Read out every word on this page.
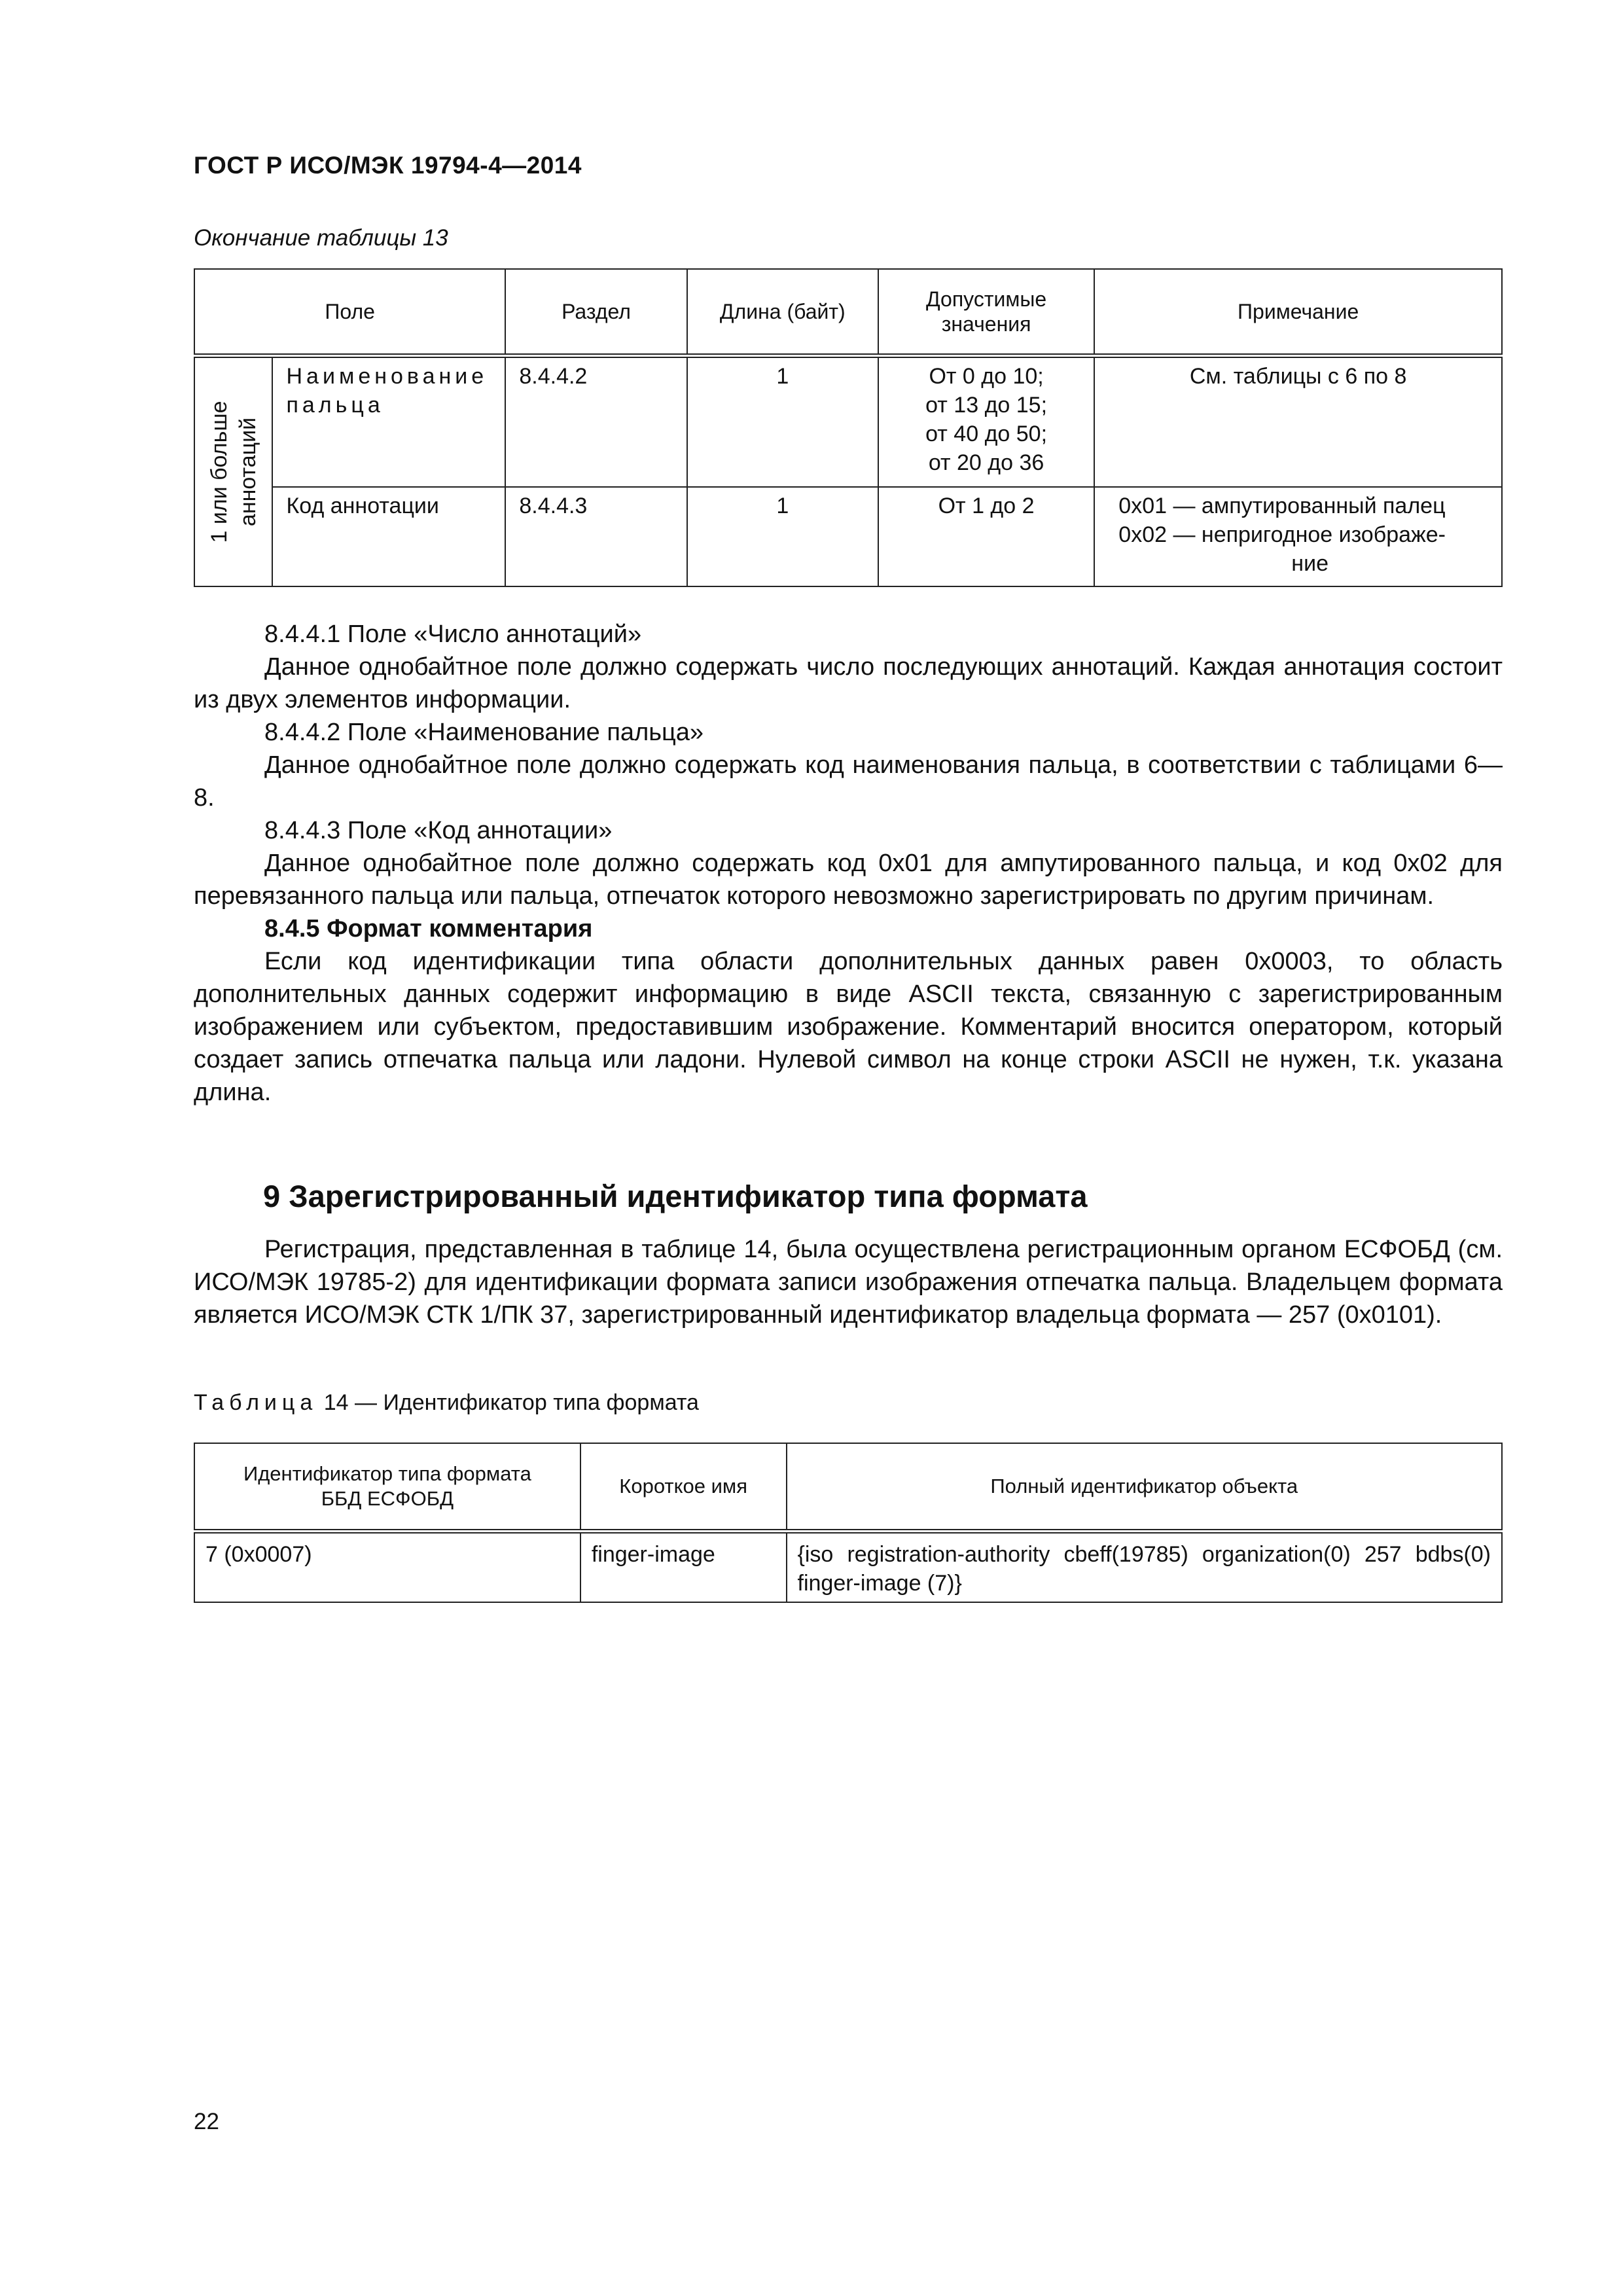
ГОСТ Р ИСО/МЭК 19794-4—2014
Окончание таблицы 13
Поле		Раздел	Длина (байт)	Допустимые значения	Примечание

1 или больше аннотаций	Наименование пальца	8.4.4.2	1	От 0 до 10;
от 13 до 15;
от 40 до 50;
от 20 до 36	См. таблицы с 6 по 8

	Код аннотации	8.4.4.3	1	От 1 до 2	0x01 — ампутированный палец
0x02 — непригодное изображе-
ние

8.4.4.1 Поле «Число аннотаций»

Данное однобайтное поле должно содержать число последующих аннотаций. Каждая аннотация состоит из двух элементов информации.

8.4.4.2 Поле «Наименование пальца»

Данное однобайтное поле должно содержать код наименования пальца, в соответствии с таблицами 6—8.

8.4.4.3 Поле «Код аннотации»

Данное однобайтное поле должно содержать код 0x01 для ампутированного пальца, и код 0x02 для перевязанного пальца или пальца, отпечаток которого невозможно зарегистрировать по другим причинам.

8.4.5 Формат комментария

Если код идентификации типа области дополнительных данных равен 0x0003, то область дополнительных данных содержит информацию в виде ASCII текста, связанную с зарегистрированным изображением или субъектом, предоставившим изображение. Комментарий вносится оператором, который создает запись отпечатка пальца или ладони. Нулевой символ на конце строки ASCII не нужен, т.к. указана длина.

9 Зарегистрированный идентификатор типа формата

Регистрация, представленная в таблице 14, была осуществлена регистрационным органом ЕСФОБД (см. ИСО/МЭК 19785-2) для идентификации формата записи изображения отпечатка пальца. Владельцем формата является ИСО/МЭК СТК 1/ПК 37, зарегистрированный идентификатор владельца формата — 257 (0x0101).

Таблица 14 — Идентификатор типа формата
Идентификатор типа формата ББД ЕСФОБД	Короткое имя	Полный идентификатор объекта
7 (0x0007)	finger-image	{iso registration-authority cbeff(19785) organization(0) 257 bdbs(0) finger-image (7)}
22
